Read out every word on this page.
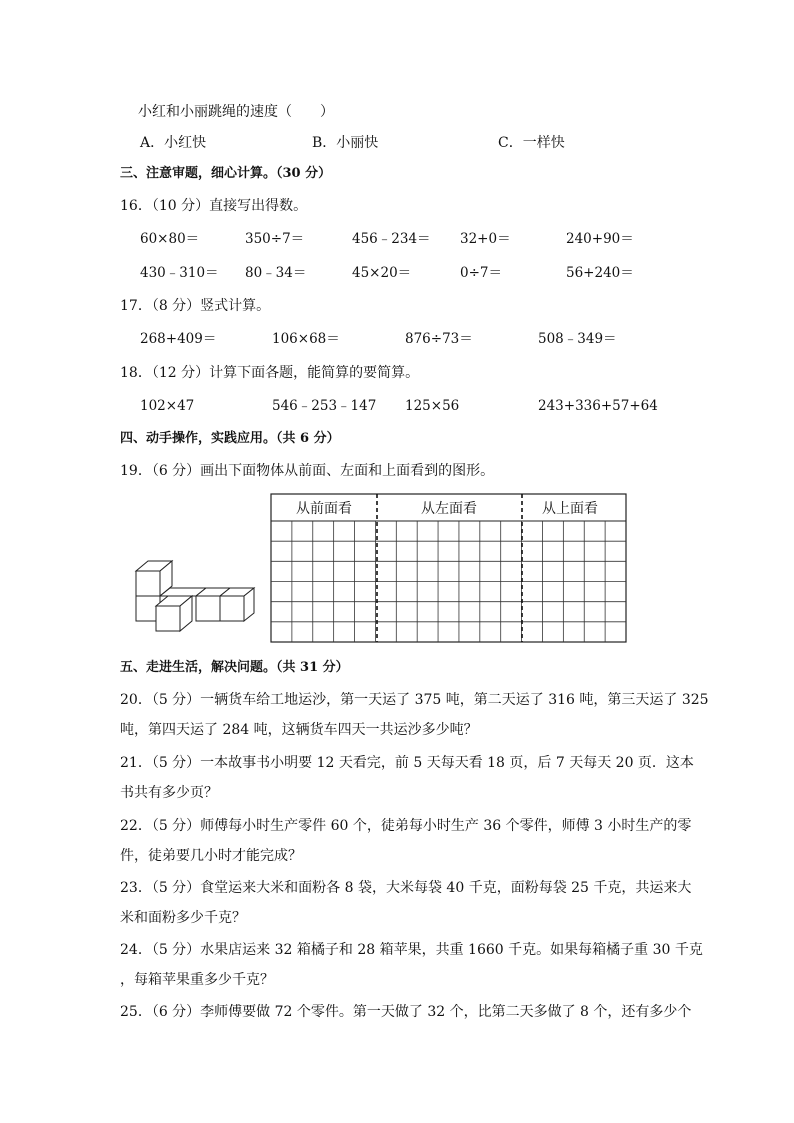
小红和小丽跳绳的速度（　　）
A．小红快	B．小丽快	C．一样快
三、注意审题，细心计算。（30 分）
16．（10 分）直接写出得数。
60×80＝	350÷7＝	456﹣234＝ 32+0＝	240+90＝
430﹣310＝ 80﹣34＝	45×20＝	0÷7＝	56+240＝
17．（8 分）竖式计算。
268+409＝	106×68＝	876÷73＝	508﹣349＝
18．（12 分）计算下面各题，能简算的要简算。
102×47	546﹣253﹣147 125×56	243+336+57+64
四、动手操作，实践应用。（共 6 分）
19．（6 分）画出下面物体从前面、左面和上面看到的图形。
从前面看	从左面看	从上面看
五、走进生活，解决问题。（共 31 分）
20．（5 分）一辆货车给工地运沙，第一天运了 375 吨，第二天运了 316 吨，第三天运了 325
吨，第四天运了 284 吨，这辆货车四天一共运沙多少吨？
21．（5 分）一本故事书小明要 12 天看完，前 5 天每天看 18 页，后 7 天每天 20 页．这本
书共有多少页？
22．（5 分）师傅每小时生产零件 60 个，徒弟每小时生产 36 个零件，师傅 3 小时生产的零
件，徒弟要几小时才能完成？
23．（5 分）食堂运来大米和面粉各 8 袋，大米每袋 40 千克，面粉每袋 25 千克，共运来大
米和面粉多少千克？
24．（5 分）水果店运来 32 箱橘子和 28 箱苹果，共重 1660 千克。如果每箱橘子重 30 千克
，每箱苹果重多少千克？
25．（6 分）李师傅要做 72 个零件。第一天做了 32 个，比第二天多做了 8 个，还有多少个
